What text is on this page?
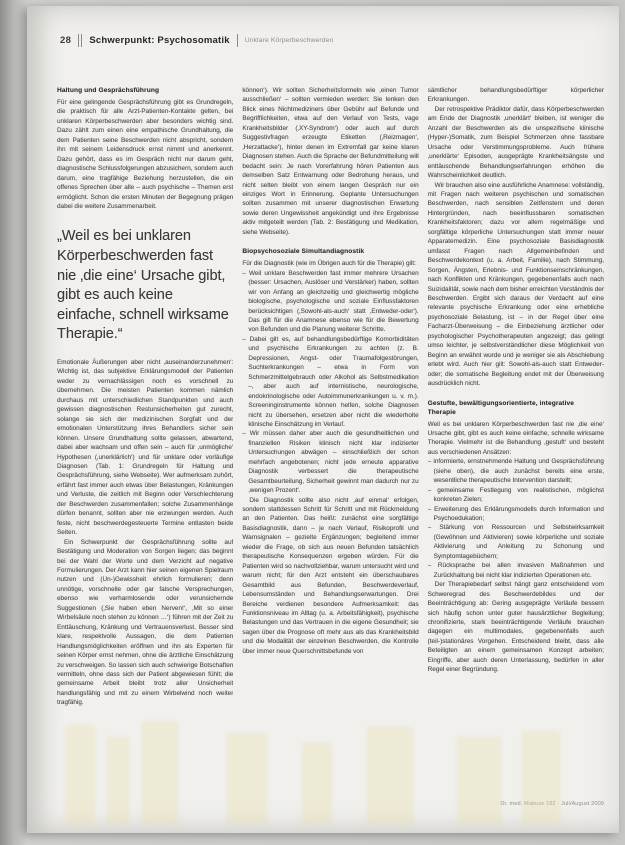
28 Schwerpunkt: Psychosomatik Unklare Körperbeschwerden
Haltung und Gesprächsführung

Für eine gelingende Gesprächsführung gibt es Grundregeln, die praktisch für alle Arzt-Patienten-Kontakte gelten, bei unklaren Körperbeschwerden aber besonders wichtig sind. Dazu zählt zum einen eine empathische Grundhaltung, die dem Patienten seine Beschwerden nicht abspricht, sondern ihn mit seinem Leidensdruck ernst nimmt und anerkennt. Dazu gehört, dass es im Gespräch nicht nur darum geht, diagnostische Schlussfolgerungen abzusichern, sondern auch darum, eine tragfähige Beziehung herzustellen, die ein offenes Sprechen über alle – auch psychische – Themen erst ermöglicht. Schon die ersten Minuten der Begegnung prägen dabei die weitere Zusammenarbeit.

„Weil es bei unklaren Körperbeschwerden fast nie ‚die eine‘ Ursache gibt, gibt es auch keine einfache, schnell wirksame Therapie.“

Emotionale Äußerungen aber nicht ‚auseinanderzunehmen‘: Wichtig ist, das subjektive Erklärungsmodell der Patienten weder zu vernachlässigen noch es vorschnell zu übernehmen. Die meisten Patienten kommen nämlich durchaus mit unterschiedlichen Standpunkten und auch gewissen diagnostischen Restunsicherheiten gut zurecht, solange sie sich der medizinischen Sorgfalt und der emotionalen Unterstützung ihres Behandlers sicher sein können. Unsere Grundhaltung sollte gelassen, abwartend, dabei aber wachsam und offen sein – auch für ‚unmögliche‘ Hypothesen (‚unerklärlich‘) und für unklare oder vorläufige Diagnosen (Tab. 1: Grundregeln für Haltung und Gesprächsführung, siehe Webseite). Wer aufmerksam zuhört, erfährt fast immer auch etwas über Belastungen, Kränkungen und Verluste, die zeitlich mit Beginn oder Verschlechterung der Beschwerden zusammenfallen; solche Zusammenhänge dürfen benannt, sollten aber nie erzwungen werden. Auch feste, nicht beschwerdegesteuerte Termine entlasten beide Seiten.

Ein Schwerpunkt der Gesprächsführung sollte auf Bestätigung und Moderation von Sorgen liegen; das beginnt bei der Wahl der Worte und dem Verzicht auf negative Formulierungen. Der Arzt kann hier seinen eigenen Spielraum nutzen und (Un-)Gewissheit ehrlich formulieren; denn unnötige, vorschnelle oder gar falsche Versprechungen, ebenso wie verharmlosende oder verunsichernde Suggestionen (‚Sie haben eben Nerven!‘, ‚Mit so einer Wirbelsäule noch stehen zu können …‘) führen mit der Zeit zu Enttäuschung, Kränkung und Vertrauensverlust. Besser sind klare, respektvolle Aussagen, die dem Patienten Handlungsmöglichkeiten eröffnen und ihn als Experten für seinen Körper ernst nehmen, ohne die ärztliche Einschätzung zu verschweigen. So lassen sich auch schwierige Botschaften vermitteln, ohne dass sich der Patient abgewiesen fühlt; die gemeinsame Arbeit bleibt trotz aller Unsicherheit handlungsfähig und mit zu einem Wirbelwind noch weiter tragfähig.

können‘). Wir sollten Sicherheitsformeln wie ‚einen Tumor ausschließen‘ – sollten vermieden werden: Sie lenken den Blick eines Nichtmediziners über Gebühr auf Befunde und Begrifflichkeiten, etwa auf den Verlauf von Tests, vage Krankheitsbilder (‚XY-Syndrom‘) oder auch auf durch Suggestivfragen erzeugte Etiketten (‚Reizmagen‘, ‚Herzattacke‘), hinter denen im Extremfall gar keine klaren Diagnosen stehen. Auch die Sprache der Befundmitteilung will bedacht sein: Je nach Vorerfahrung hören Patienten aus demselben Satz Entwarnung oder Bedrohung heraus, und nicht selten bleibt von einem langen Gespräch nur ein einziges Wort in Erinnerung. Geplante Untersuchungen sollten zusammen mit unserer diagnostischen Erwartung sowie deren Ungewissheit angekündigt und ihre Ergebnisse aktiv mitgeteilt werden (Tab. 2: Bestätigung und Medikation, siehe Webseite).

Biopsychosoziale Simultandiagnostik

Für die Diagnostik (wie im Übrigen auch für die Therapie) gilt:

– Weil unklare Beschwerden fast immer mehrere Ursachen (besser: Ursachen, Auslöser und Verstärker) haben, sollten wir von Anfang an gleichzeitig und gleichwertig mögliche biologische, psychologische und soziale Einflussfaktoren berücksichtigen (‚Sowohl-als-auch‘ statt ‚Entweder-oder‘). Das gilt für die Anamnese ebenso wie für die Bewertung von Befunden und die Planung weiterer Schritte.

– Dabei gilt es, auf behandlungsbedürftige Komorbiditäten und psychische Erkrankungen zu achten (z. B. Depressionen, Angst- oder Traumafolgestörungen, Suchterkrankungen – etwa in Form von Schmerzmittelgebrauch oder Alkohol als Selbstmedikation –, aber auch auf internistische, neurologische, endokrinologische oder Autoimmunerkrankungen u. v. m.). Screeninginstrumente können helfen, solche Diagnosen nicht zu übersehen, ersetzen aber nicht die wiederholte klinische Einschätzung im Verlauf.

– Wir müssen daher aber auch die gesundheitlichen und finanziellen Risiken klinisch nicht klar indizierter Untersuchungen abwägen – einschließlich der schon mehrfach angebotenen; nicht jede erneute apparative Diagnostik verbessert die therapeutische Gesamtbeurteilung, Sicherheit gewinnt man dadurch nur zu ‚wenigen Prozent‘.

Die Diagnostik sollte also nicht ‚auf einmal‘ erfolgen, sondern stattdessen Schritt für Schritt und mit Rückmeldung an den Patienten. Das heißt: zunächst eine sorgfältige Basisdiagnostik, dann – je nach Verlauf, Risikoprofil und Warnsignalen – gezielte Ergänzungen; begleitend immer wieder die Frage, ob sich aus neuen Befunden tatsächlich therapeutische Konsequenzen ergeben würden. Für die Patienten wird so nachvollziehbar, warum untersucht wird und warum nicht; für den Arzt entsteht ein überschaubares Gesamtbild aus Befunden, Beschwerdeverlauf, Lebensumständen und Behandlungserwartungen. Drei Bereiche verdienen besondere Aufmerksamkeit: das Funktionsniveau im Alltag (u. a. Arbeitsfähigkeit), psychische Belastungen und das Vertrauen in die eigene Gesundheit; sie sagen über die Prognose oft mehr aus als das Krankheitsbild und die Modalität der einzelnen Beschwerden, die Kontrolle über immer neue Querschnittsbefunde von

sämtlicher behandlungsbedürftiger körperlicher Erkrankungen.

Der retrospektive Prädiktor dafür, dass Körperbeschwerden am Ende der Diagnostik ‚unerklärt‘ bleiben, ist weniger die Anzahl der Beschwerden als die unspezifische klinische (Hyper-)Somatik, zum Beispiel Schmerzen ohne fassbare Ursache oder Verstimmungsprobleme. Auch frühere ‚unerklärte‘ Episoden, ausgeprägte Krankheitsängste und enttäuschende Behandlungserfahrungen erhöhen die Wahrscheinlichkeit deutlich.

Wir brauchen also eine ausführliche Anamnese: vollständig, mit Fragen nach weiteren psychischen und somatischen Beschwerden, nach sensiblen Zeitfenstern und deren Hintergründen, nach beeinflussbaren somatischen Krankheitsfaktoren; dazu vor allem regelmäßige und sorgfältige körperliche Untersuchungen statt immer neuer Apparatemedizin. Eine psychosoziale Basisdiagnostik umfasst Fragen nach Allgemeinbefinden und Beschwerdekontext (u. a. Arbeit, Familie), nach Stimmung, Sorgen, Ängsten, Erlebnis- und Funktionseinschränkungen, nach Konflikten und Kränkungen, gegebenenfalls auch nach Suizidalität, sowie nach dem bisher erreichten Verständnis der Beschwerden. Ergibt sich daraus der Verdacht auf eine relevante psychische Erkrankung oder eine erhebliche psychosoziale Belastung, ist – in der Regel über eine Facharzt-Überweisung – die Einbeziehung ärztlicher oder psychologischer Psychotherapeuten angezeigt; das gelingt umso leichter, je selbstverständlicher diese Möglichkeit von Beginn an erwähnt wurde und je weniger sie als Abschiebung erlebt wird. Auch hier gilt: Sowohl-als-auch statt Entweder-oder; die somatische Begleitung endet mit der Überweisung ausdrücklich nicht.

Gestufte, bewältigungsorientierte, integrative Therapie

Weil es bei unklaren Körperbeschwerden fast nie ‚die eine‘ Ursache gibt, gibt es auch keine einfache, schnelle wirksame Therapie. Vielmehr ist die Behandlung ‚gestuft‘ und besteht aus verschiedenen Ansätzen:

– informierte, ernstnehmende Haltung und Gesprächsführung (siehe oben), die auch zunächst bereits eine erste, wesentliche therapeutische Intervention darstellt;

– gemeinsame Festlegung von realistischen, möglichst konkreten Zielen;

– Erweiterung des Erklärungsmodells durch Information und Psychoedukation;

– Stärkung von Ressourcen und Selbstwirksamkeit (Gewöhnen und Aktivieren) sowie körperliche und soziale Aktivierung und Anleitung zu Schonung und Symptomtagebüchern;

– Rücksprache bei allen invasiven Maßnahmen und Zurückhaltung bei nicht klar indizierten Operationen etc.

Der Therapiebedarf selbst hängt ganz entscheidend vom Schweregrad des Beschwerdebildes und der Beeinträchtigung ab: Gering ausgeprägte Verläufe bessern sich häufig schon unter guter hausärztlicher Begleitung; chronifizierte, stark beeinträchtigende Verläufe brauchen dagegen ein multimodales, gegebenenfalls auch (teil-)stationäres Vorgehen. Entscheidend bleibt, dass alle Beteiligten an einem gemeinsamen Konzept arbeiten; Eingriffe, aber auch deren Unterlassung, bedürfen in aller Regel einer Begründung.

Dr. med. Mabuse 182 · Juli/August 2009
